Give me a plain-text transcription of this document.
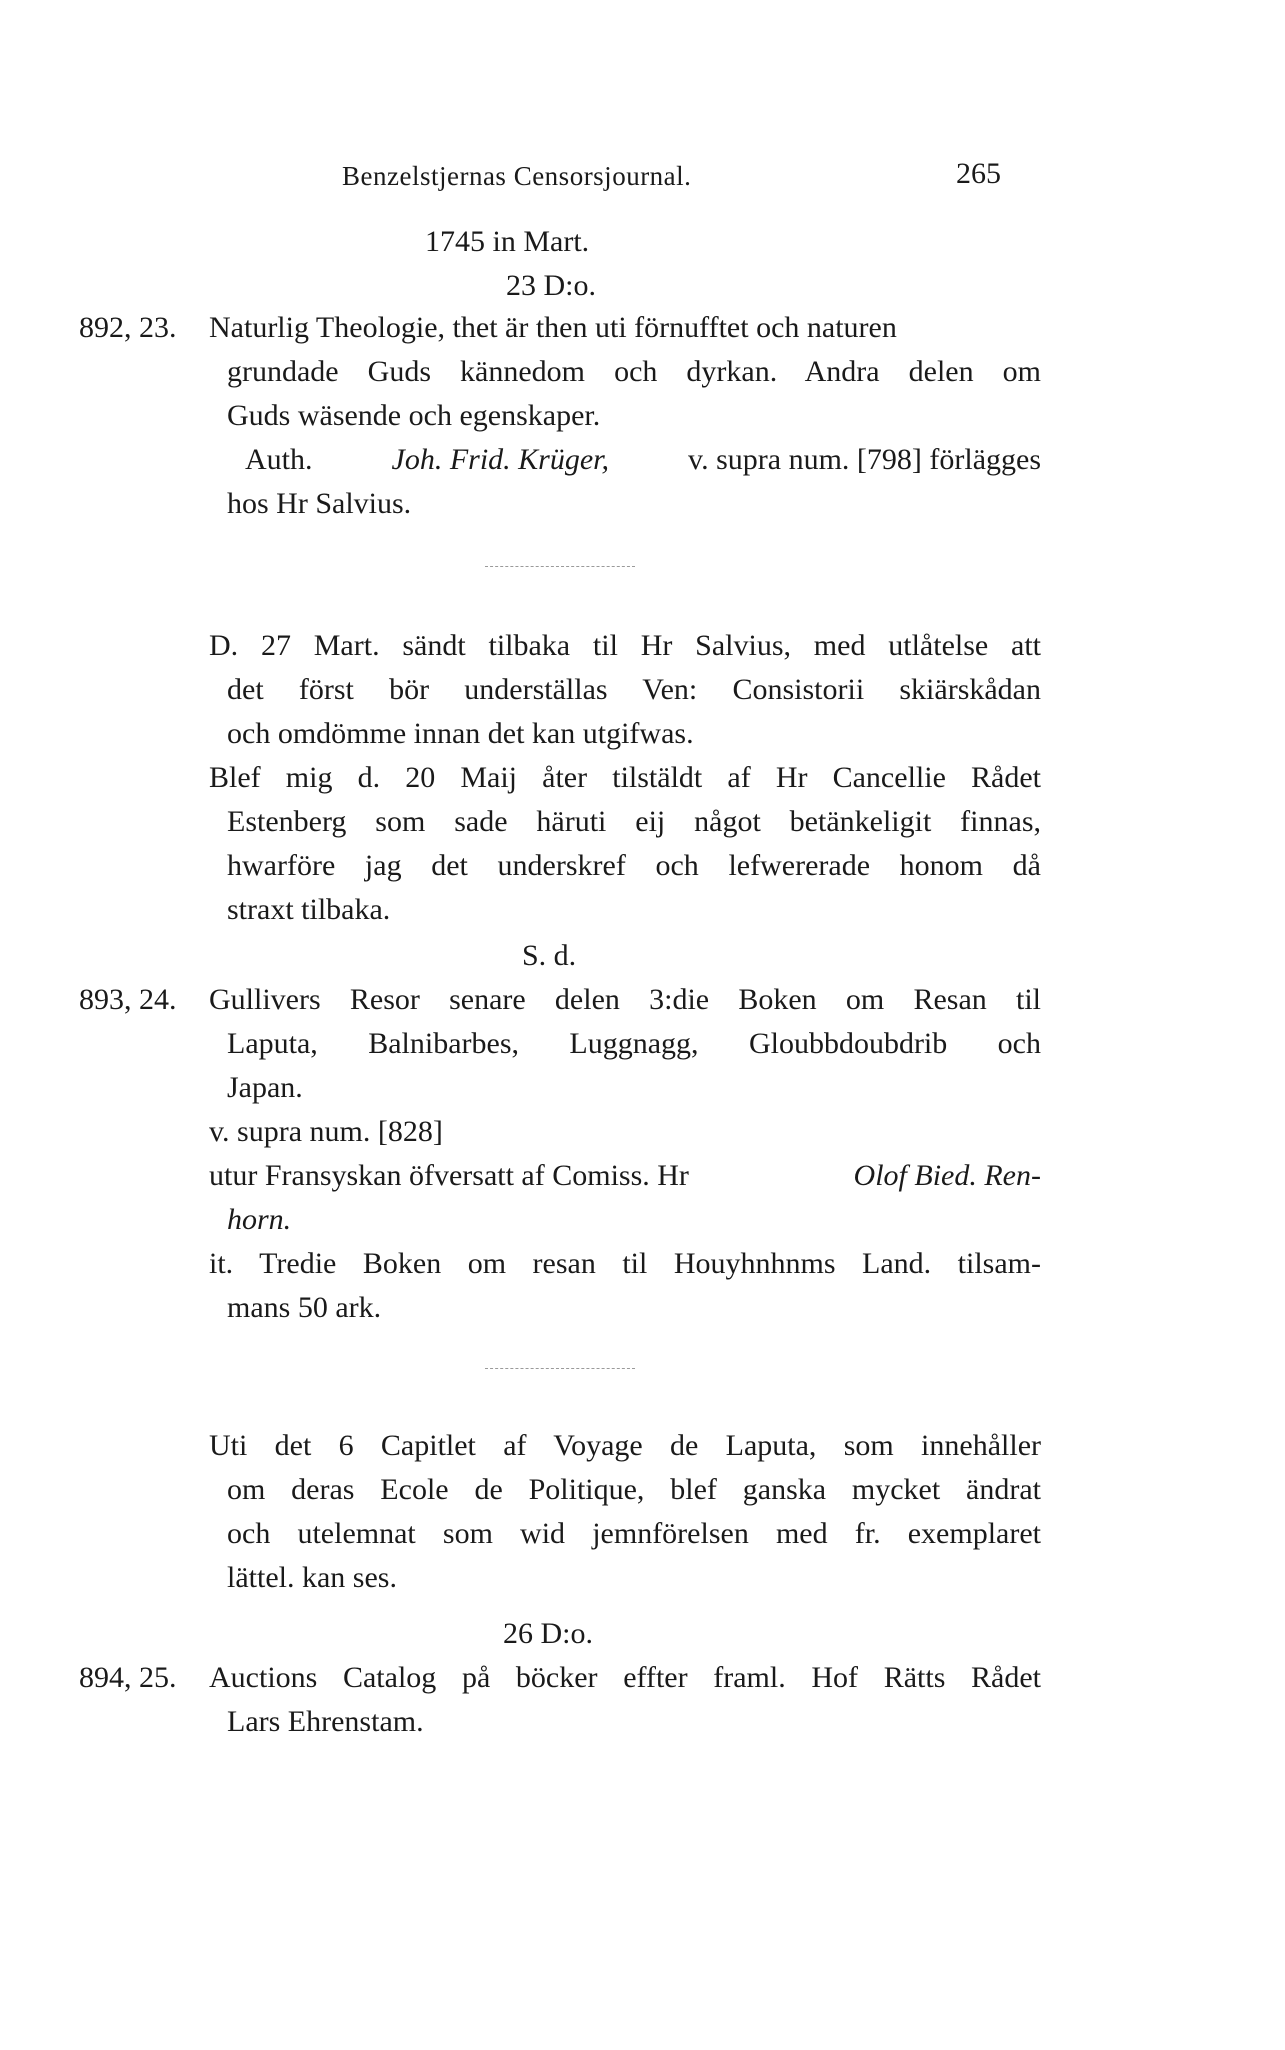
Benzelstjernas Censorsjournal.	265
1745 in Mart.
23 D:o.
892, 23. Naturlig Theologie, thet är then uti förnufftet och naturen
grundade Guds kännedom och dyrkan. Andra delen om
Guds wäsende och egenskaper.
Auth.	Joh. Frid. Krüger,	v. supra num. [798] förlägges
hos Hr Salvius.
D. 27 Mart. sändt tilbaka til Hr Salvius, med utlåtelse att
det först bör underställas Ven: Consistorii skiärskådan
och omdömme innan det kan utgifwas.
Blef mig d. 20 Maij åter tilstäldt af Hr Cancellie Rådet
Estenberg som sade häruti eij något betänkeligit finnas,
hwarföre jag det underskref och lefwererade honom då
straxt tilbaka.
S. d.
893, 24. Gullivers Resor senare delen 3:die Boken om Resan til
Laputa, Balnibarbes, Luggnagg, Gloubbdoubdrib och
Japan.
v. supra num. [828]
utur Fransyskan öfversatt af Comiss. Hr	Olof Bied. Ren-
horn.
it. Tredie Boken om resan til Houyhnhnms Land. tilsam-
mans 50 ark.
Uti det 6 Capitlet af Voyage de Laputa, som innehåller
om deras Ecole de Politique, blef ganska mycket ändrat
och utelemnat som wid jemnförelsen med fr. exemplaret
lättel. kan ses.
26 D:o.
894, 25. Auctions Catalog på böcker effter framl. Hof Rätts Rådet
Lars Ehrenstam.
